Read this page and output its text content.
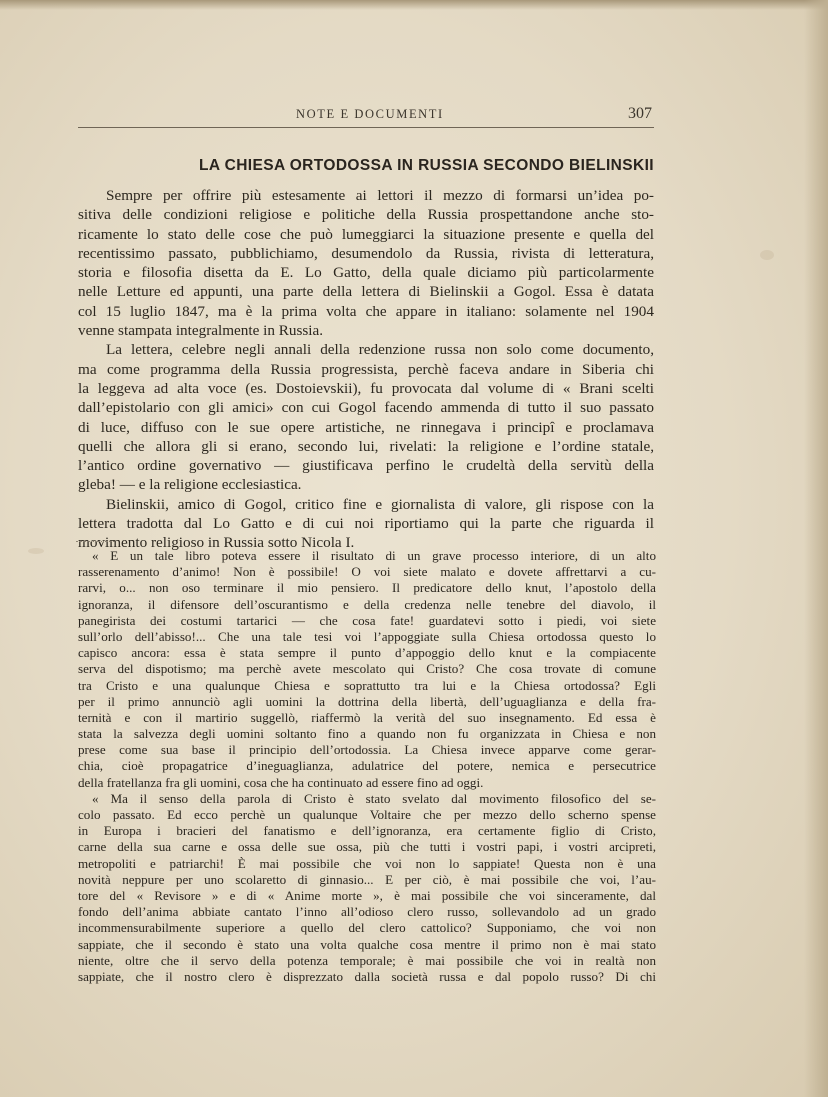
NOTE E DOCUMENTI	307
LA CHIESA ORTODOSSA IN RUSSIA SECONDO BIELINSKII
Sempre per offrire più estesamente ai lettori il mezzo di formarsi un’idea po-
sitiva delle condizioni religiose e politiche della Russia prospettandone anche sto-
ricamente lo stato delle cose che può lumeggiarci la situazione presente e quella del
recentissimo passato, pubblichiamo, desumendolo da Russia, rivista di letteratura,
storia e filosofia disetta da E. Lo Gatto, della quale diciamo più particolarmente
nelle Letture ed appunti, una parte della lettera di Bielinskii a Gogol. Essa è datata
col 15 luglio 1847, ma è la prima volta che appare in italiano: solamente nel 1904
venne stampata integralmente in Russia.
La lettera, celebre negli annali della redenzione russa non solo come documento,
ma come programma della Russia progressista, perchè faceva andare in Siberia chi
la leggeva ad alta voce (es. Dostoievskii), fu provocata dal volume di « Brani scelti
dall’epistolario con gli amici» con cui Gogol facendo ammenda di tutto il suo passato
di luce, diffuso con le sue opere artistiche, ne rinnegava i principî e proclamava
quelli che allora gli si erano, secondo lui, rivelati: la religione e l’ordine statale,
l’antico ordine governativo — giustificava perfino le crudeltà della servitù della
gleba! — e la religione ecclesiastica.
Bielinskii, amico di Gogol, critico fine e giornalista di valore, gli rispose con la
lettera tradotta dal Lo Gatto e di cui noi riportiamo qui la parte che riguarda il
movimento religioso in Russia sotto Nicola I.
« E un tale libro poteva essere il risultato di un grave processo interiore, di un alto
rasserenamento d’animo! Non è possibile! O voi siete malato e dovete affrettarvi a cu-
rarvi, o... non oso terminare il mio pensiero. Il predicatore dello knut, l’apostolo della
ignoranza, il difensore dell’oscurantismo e della credenza nelle tenebre del diavolo, il
panegirista dei costumi tartarici — che cosa fate! guardatevi sotto i piedi, voi siete
sull’orlo dell’abisso!... Che una tale tesi voi l’appoggiate sulla Chiesa ortodossa questo lo
capisco ancora: essa è stata sempre il punto d’appoggio dello knut e la compiacente
serva del dispotismo; ma perchè avete mescolato qui Cristo? Che cosa trovate di comune
tra Cristo e una qualunque Chiesa e soprattutto tra lui e la Chiesa ortodossa? Egli
per il primo annunciò agli uomini la dottrina della libertà, dell’uguaglianza e della fra-
ternità e con il martirio suggellò, riaffermò la verità del suo insegnamento. Ed essa è
stata la salvezza degli uomini soltanto fino a quando non fu organizzata in Chiesa e non
prese come sua base il principio dell’ortodossia. La Chiesa invece apparve come gerar-
chia, cioè propagatrice d’ineguaglianza, adulatrice del potere, nemica e persecutrice
della fratellanza fra gli uomini, cosa che ha continuato ad essere fino ad oggi.
« Ma il senso della parola di Cristo è stato svelato dal movimento filosofico del se-
colo passato. Ed ecco perchè un qualunque Voltaire che per mezzo dello scherno spense
in Europa i bracieri del fanatismo e dell’ignoranza, era certamente figlio di Cristo,
carne della sua carne e ossa delle sue ossa, più che tutti i vostri papi, i vostri arcipreti,
metropoliti e patriarchi! È mai possibile che voi non lo sappiate! Questa non è una
novità neppure per uno scolaretto di ginnasio... E per ciò, è mai possibile che voi, l’au-
tore del « Revisore » e di « Anime morte », è mai possibile che voi sinceramente, dal
fondo dell’anima abbiate cantato l’inno all’odioso clero russo, sollevandolo ad un grado
incommensurabilmente superiore a quello del clero cattolico? Supponiamo, che voi non
sappiate, che il secondo è stato una volta qualche cosa mentre il primo non è mai stato
niente, oltre che il servo della potenza temporale; è mai possibile che voi in realtà non
sappiate, che il nostro clero è disprezzato dalla società russa e dal popolo russo? Di chi
